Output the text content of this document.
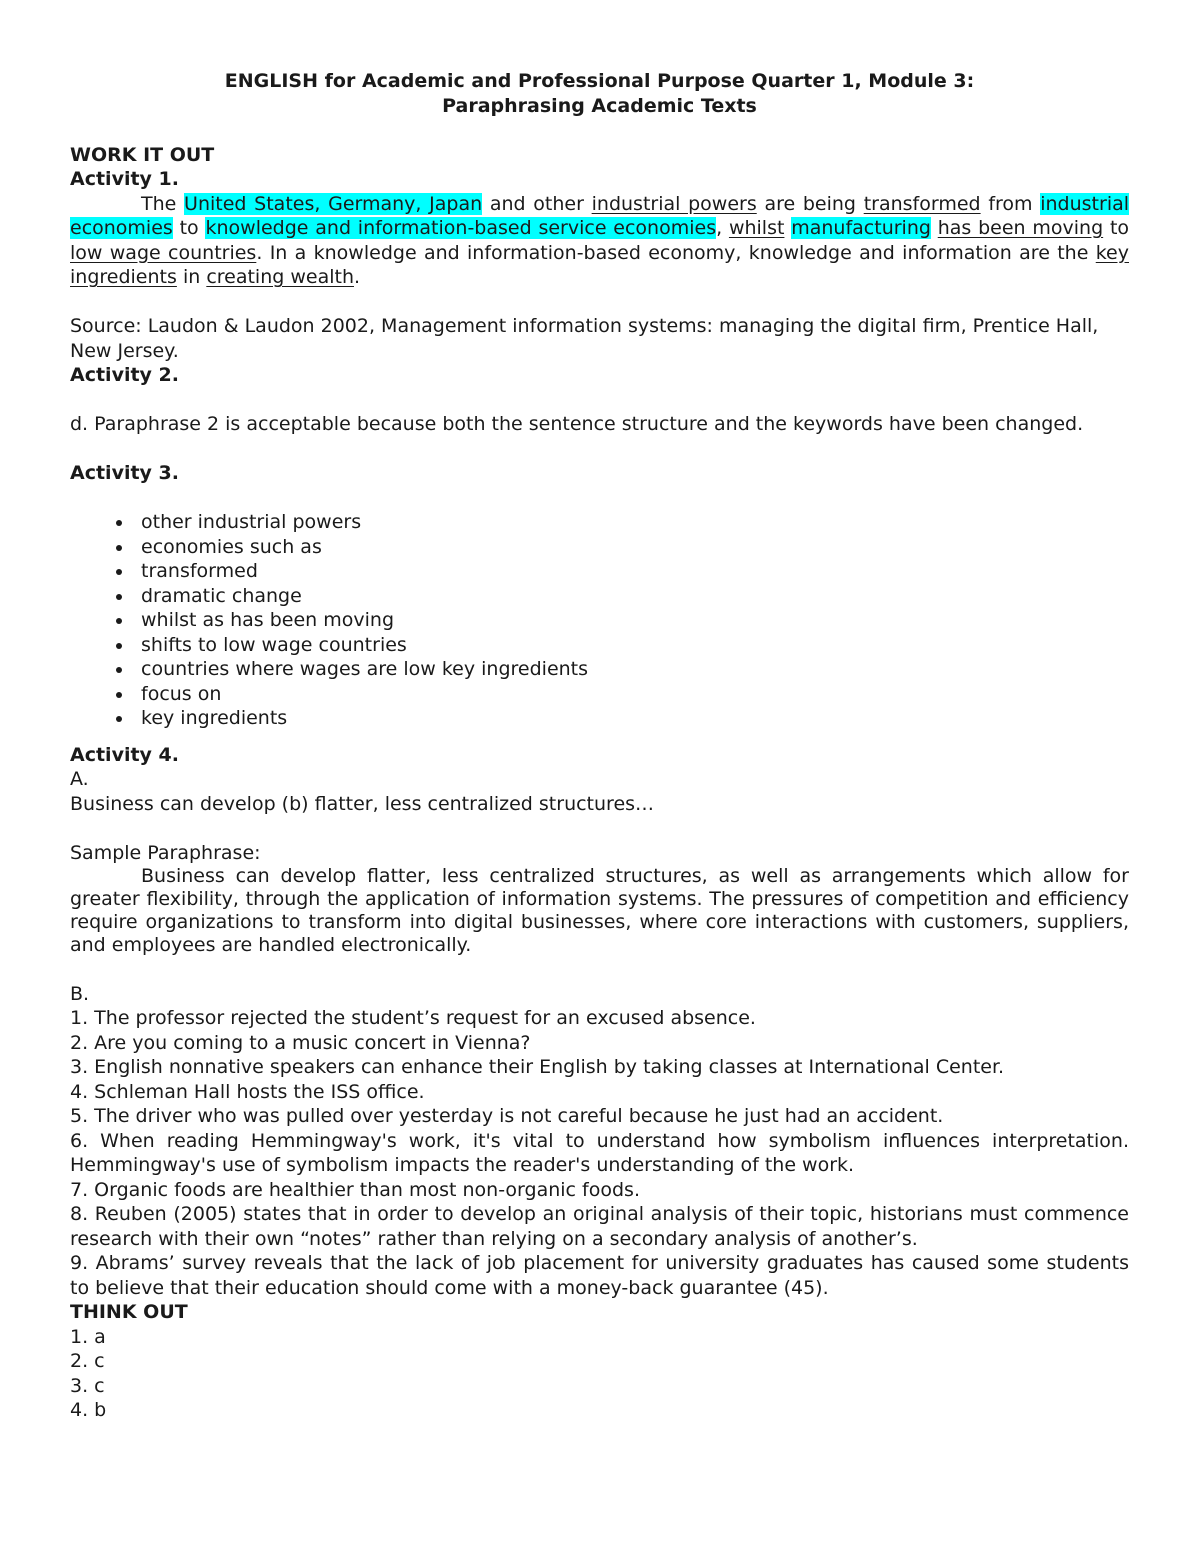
ENGLISH for Academic and Professional Purpose Quarter 1, Module 3:

Paraphrasing Academic Texts

WORK IT OUT

Activity 1.

The United States, Germany, Japan and other industrial powers are being transformed from industrial economies to knowledge and information-based service economies, whilst manufacturing has been moving to low wage countries. In a knowledge and information-based economy, knowledge and information are the key ingredients in creating wealth.

Source: Laudon & Laudon 2002, Management information systems: managing the digital firm, Prentice Hall,

New Jersey.

Activity 2.

d. Paraphrase 2 is acceptable because both the sentence structure and the keywords have been changed.

Activity 3.

other industrial powers
economies such as
transformed
dramatic change
whilst as has been moving
shifts to low wage countries
countries where wages are low key ingredients
focus on
key ingredients

Activity 4.

A.

Business can develop (b) flatter, less centralized structures…

Sample Paraphrase:

Business can develop flatter, less centralized structures, as well as arrangements which allow for greater flexibility, through the application of information systems. The pressures of competition and efficiency require organizations to transform into digital businesses, where core interactions with customers, suppliers, and employees are handled electronically.

B.

1. The professor rejected the student’s request for an excused absence.

2. Are you coming to a music concert in Vienna?

3. English nonnative speakers can enhance their English by taking classes at International Center.

4. Schleman Hall hosts the ISS office.

5. The driver who was pulled over yesterday is not careful because he just had an accident.

6. When reading Hemmingway's work, it's vital to understand how symbolism influences interpretation. Hemmingway's use of symbolism impacts the reader's understanding of the work.

7. Organic foods are healthier than most non-organic foods.

8. Reuben (2005) states that in order to develop an original analysis of their topic, historians must commence research with their own “notes” rather than relying on a secondary analysis of another’s.

9. Abrams’ survey reveals that the lack of job placement for university graduates has caused some students to believe that their education should come with a money-back guarantee (45).

THINK OUT

1. a

2. c

3. c

4. b
